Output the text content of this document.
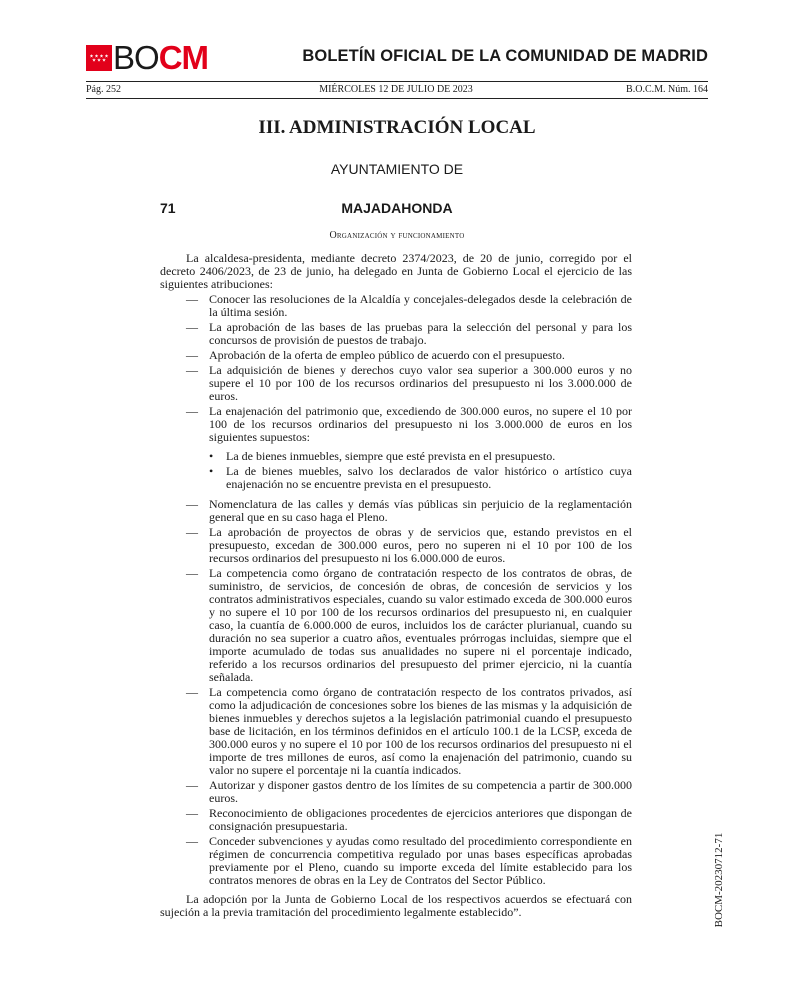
BOCM	BOLETÍN OFICIAL DE LA COMUNIDAD DE MADRID
Pág. 252	MIÉRCOLES 12 DE JULIO DE 2023	B.O.C.M. Núm. 164
III. ADMINISTRACIÓN LOCAL
AYUNTAMIENTO DE
71	MAJADAHONDA
Organización y funcionamiento

La alcaldesa-presidenta, mediante decreto 2374/2023, de 20 de junio, corregido por el decreto 2406/2023, de 23 de junio, ha delegado en Junta de Gobierno Local el ejercicio de las siguientes atribuciones:

— Conocer las resoluciones de la Alcaldía y concejales-delegados desde la celebración de la última sesión.
— La aprobación de las bases de las pruebas para la selección del personal y para los concursos de provisión de puestos de trabajo.
— Aprobación de la oferta de empleo público de acuerdo con el presupuesto.
— La adquisición de bienes y derechos cuyo valor sea superior a 300.000 euros y no supere el 10 por 100 de los recursos ordinarios del presupuesto ni los 3.000.000 de euros.
— La enajenación del patrimonio que, excediendo de 300.000 euros, no supere el 10 por 100 de los recursos ordinarios del presupuesto ni los 3.000.000 de euros en los siguientes supuestos:
• La de bienes inmuebles, siempre que esté prevista en el presupuesto.
• La de bienes muebles, salvo los declarados de valor histórico o artístico cuya enajenación no se encuentre prevista en el presupuesto.
— Nomenclatura de las calles y demás vías públicas sin perjuicio de la reglamentación general que en su caso haga el Pleno.
— La aprobación de proyectos de obras y de servicios que, estando previstos en el presupuesto, excedan de 300.000 euros, pero no superen ni el 10 por 100 de los recursos ordinarios del presupuesto ni los 6.000.000 de euros.
— La competencia como órgano de contratación respecto de los contratos de obras, de suministro, de servicios, de concesión de obras, de concesión de servicios y los contratos administrativos especiales, cuando su valor estimado exceda de 300.000 euros y no supere el 10 por 100 de los recursos ordinarios del presupuesto ni, en cualquier caso, la cuantía de 6.000.000 de euros, incluidos los de carácter plurianual, cuando su duración no sea superior a cuatro años, eventuales prórrogas incluidas, siempre que el importe acumulado de todas sus anualidades no supere ni el porcentaje indicado, referido a los recursos ordinarios del presupuesto del primer ejercicio, ni la cuantía señalada.
— La competencia como órgano de contratación respecto de los contratos privados, así como la adjudicación de concesiones sobre los bienes de las mismas y la adquisición de bienes inmuebles y derechos sujetos a la legislación patrimonial cuando el presupuesto base de licitación, en los términos definidos en el artículo 100.1 de la LCSP, exceda de 300.000 euros y no supere el 10 por 100 de los recursos ordinarios del presupuesto ni el importe de tres millones de euros, así como la enajenación del patrimonio, cuando su valor no supere el porcentaje ni la cuantía indicados.
— Autorizar y disponer gastos dentro de los límites de su competencia a partir de 300.000 euros.
— Reconocimiento de obligaciones procedentes de ejercicios anteriores que dispongan de consignación presupuestaria.
— Conceder subvenciones y ayudas como resultado del procedimiento correspondiente en régimen de concurrencia competitiva regulado por unas bases específicas aprobadas previamente por el Pleno, cuando su importe exceda del límite establecido para los contratos menores de obras en la Ley de Contratos del Sector Público.

La adopción por la Junta de Gobierno Local de los respectivos acuerdos se efectuará con sujeción a la previa tramitación del procedimiento legalmente establecido”.	BOCM-20230712-71
